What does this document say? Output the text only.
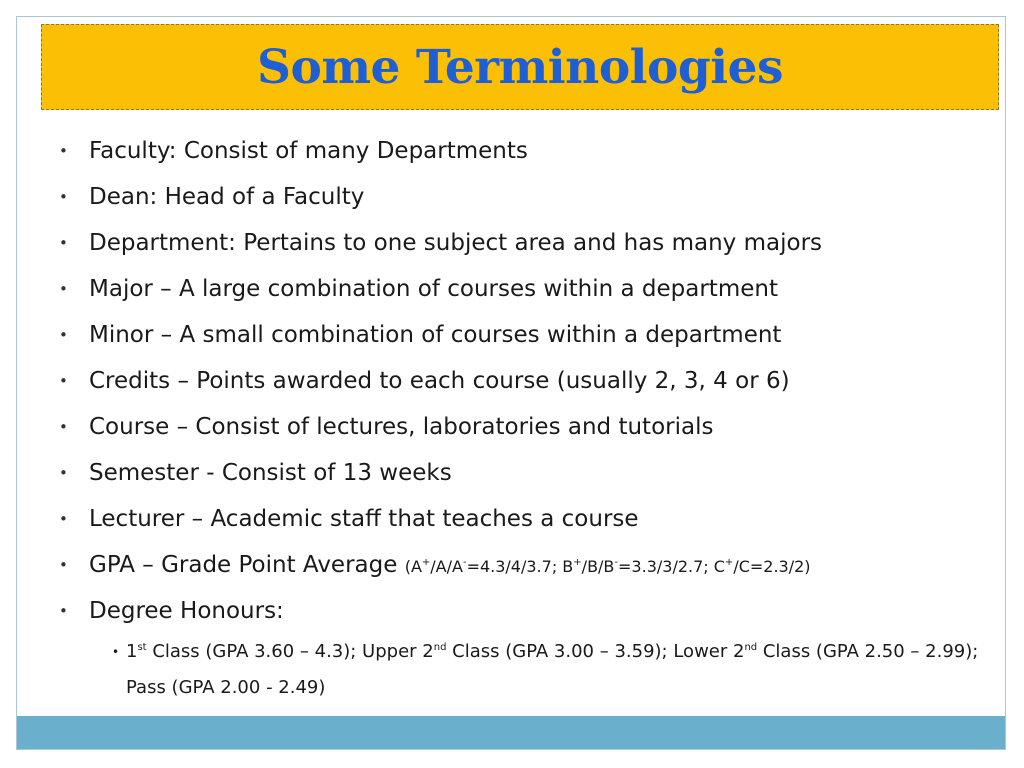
Some Terminologies
• Faculty: Consist of many Departments
• Dean: Head of a Faculty
• Department: Pertains to one subject area and has many majors
• Major – A large combination of courses within a department
• Minor – A small combination of courses within a department
• Credits – Points awarded to each course (usually 2, 3, 4 or 6)
• Course – Consist of lectures, laboratories and tutorials
• Semester - Consist of 13 weeks
• Lecturer – Academic staff that teaches a course
• GPA – Grade Point Average (A+/A/A-=4.3/4/3.7; B+/B/B-=3.3/3/2.7; C+/C=2.3/2)
• Degree Honours:
• 1st Class (GPA 3.60 – 4.3); Upper 2nd Class (GPA 3.00 – 3.59); Lower 2nd Class (GPA 2.50 – 2.99); Pass (GPA 2.00 - 2.49)
